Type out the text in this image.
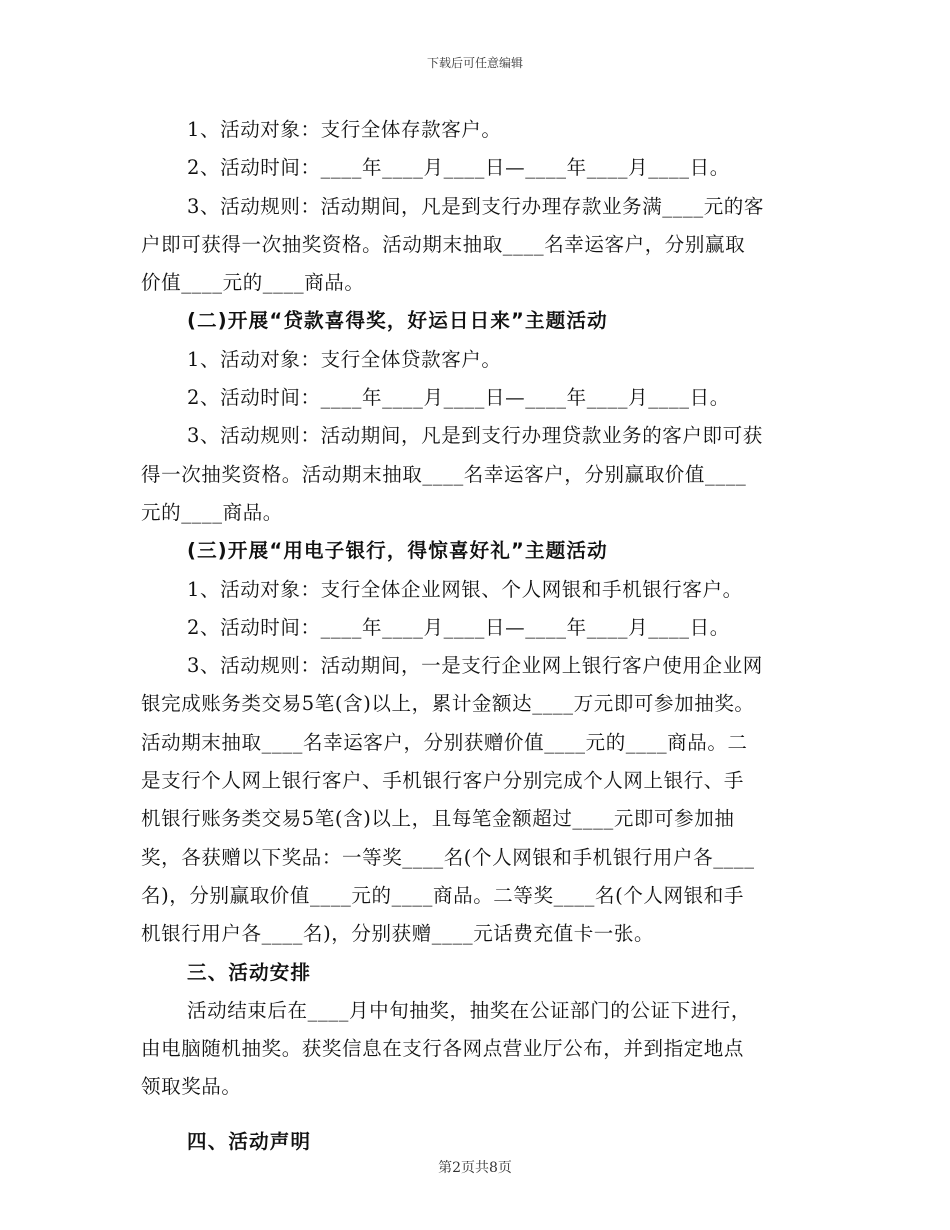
下载后可任意编辑
1、活动对象：支行全体存款客户。
2、活动时间：____年____月____日—____年____月____日。
3、活动规则：活动期间，凡是到支行办理存款业务满____元的客
户即可获得一次抽奖资格。活动期末抽取____名幸运客户，分别赢取
价值____元的____商品。
(二)开展“贷款喜得奖，好运日日来”主题活动
1、活动对象：支行全体贷款客户。
2、活动时间：____年____月____日—____年____月____日。
3、活动规则：活动期间，凡是到支行办理贷款业务的客户即可获
得一次抽奖资格。活动期末抽取____名幸运客户，分别赢取价值____
元的____商品。
(三)开展“用电子银行，得惊喜好礼”主题活动
1、活动对象：支行全体企业网银、个人网银和手机银行客户。
2、活动时间：____年____月____日—____年____月____日。
3、活动规则：活动期间，一是支行企业网上银行客户使用企业网
银完成账务类交易5笔(含)以上，累计金额达____万元即可参加抽奖。
活动期末抽取____名幸运客户，分别获赠价值____元的____商品。二
是支行个人网上银行客户、手机银行客户分别完成个人网上银行、手
机银行账务类交易5笔(含)以上，且每笔金额超过____元即可参加抽
奖，各获赠以下奖品：一等奖____名(个人网银和手机银行用户各____
名)，分别赢取价值____元的____商品。二等奖____名(个人网银和手
机银行用户各____名)，分别获赠____元话费充值卡一张。
三、活动安排
活动结束后在____月中旬抽奖，抽奖在公证部门的公证下进行，
由电脑随机抽奖。获奖信息在支行各网点营业厅公布，并到指定地点
领取奖品。
四、活动声明
第2页共8页
